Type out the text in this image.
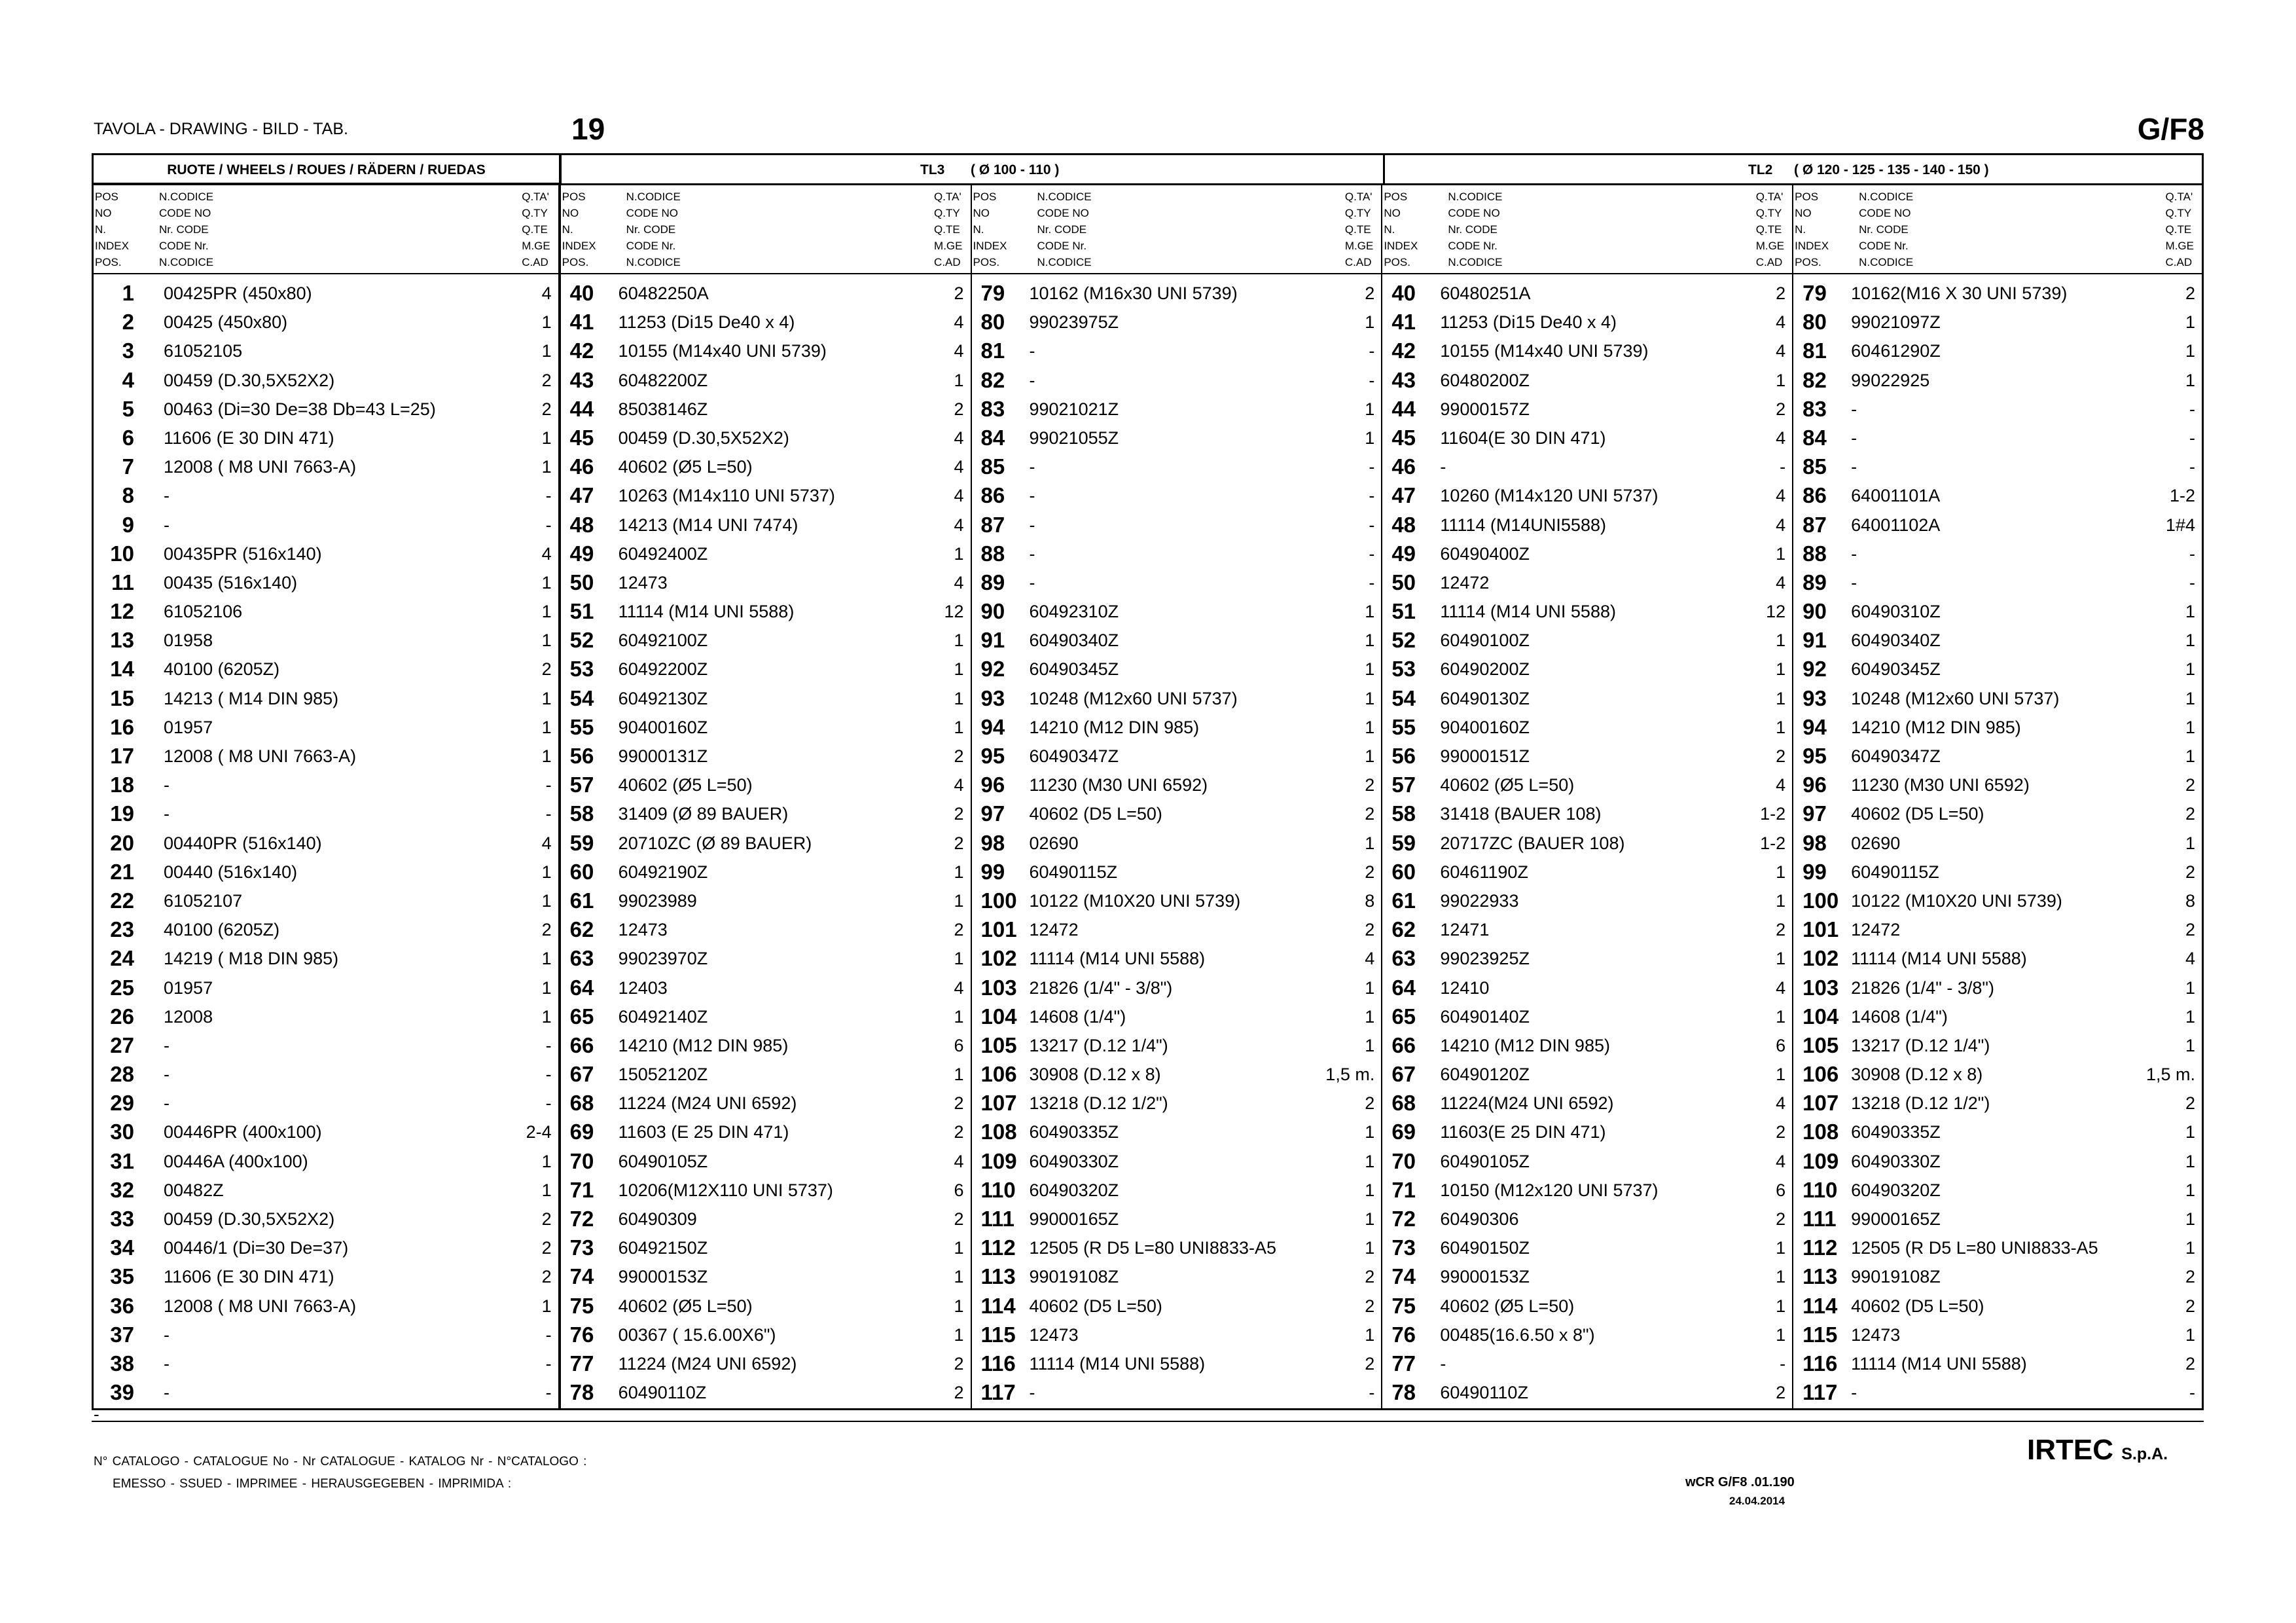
TAVOLA - DRAWING - BILD - TAB.	19	G/F8
RUOTE / WHEELS / ROUES / RÄDERN / RUEDAS	TL3 ( Ø 100 - 110 )	TL2 ( Ø 120 - 125 - 135 - 140 - 150 )
POS
NO
N.
INDEX
POS.
N.CODICE
CODE NO
Nr. CODE
CODE Nr.
N.CODICE
Q.TA'
Q.TY
Q.TE
M.GE
C.AD
1 00425PR (450x80)	4
2 00425 (450x80)	1
3 61052105	1
4 00459 (D.30,5X52X2)	2
5 00463 (Di=30 De=38 Db=43 L=25)	2
6 11606 (E 30 DIN 471)	1
7 12008 ( M8 UNI 7663-A)	1
8 -	-
9 -	-
10 00435PR (516x140)	4
11 00435 (516x140)	1
12 61052106	1
13 01958	1
14 40100 (6205Z)	2
15 14213 ( M14 DIN 985)	1
16 01957	1
17 12008 ( M8 UNI 7663-A)	1
18 -	-
19 -	-
20 00440PR (516x140)	4
21 00440 (516x140)	1
22 61052107	1
23 40100 (6205Z)	2
24 14219 ( M18 DIN 985)	1
25 01957	1
26 12008	1
27 -	-
28 -	-
29 -	-
30 00446PR (400x100)	2-4
31 00446A (400x100)	1
32 00482Z	1
33 00459 (D.30,5X52X2)	2
34 00446/1 (Di=30 De=37)	2
35 11606 (E 30 DIN 471)	2
36 12008 ( M8 UNI 7663-A)	1
37 -	-
38 -	-
39 -	-
POS
NO
N.
INDEX
POS.
N.CODICE
CODE NO
Nr. CODE
CODE Nr.
N.CODICE
Q.TA'
Q.TY
Q.TE
M.GE
C.AD
40 60482250A	2
41 11253 (Di15 De40 x 4)	4
42 10155 (M14x40 UNI 5739)	4
43 60482200Z	1
44 85038146Z	2
45 00459 (D.30,5X52X2)	4
46 40602 (Ø5 L=50)	4
47 10263 (M14x110 UNI 5737)	4
48 14213 (M14 UNI 7474)	4
49 60492400Z	1
50 12473	4
51 11114 (M14 UNI 5588)	12
52 60492100Z	1
53 60492200Z	1
54 60492130Z	1
55 90400160Z	1
56 99000131Z	2
57 40602 (Ø5 L=50)	4
58 31409 (Ø 89 BAUER)	2
59 20710ZC (Ø 89 BAUER)	2
60 60492190Z	1
61 99023989	1
62 12473	2
63 99023970Z	1
64 12403	4
65 60492140Z	1
66 14210 (M12 DIN 985)	6
67 15052120Z	1
68 11224 (M24 UNI 6592)	2
69 11603 (E 25 DIN 471)	2
70 60490105Z	4
71 10206(M12X110 UNI 5737)	6
72 60490309	2
73 60492150Z	1
74 99000153Z	1
75 40602 (Ø5 L=50)	1
76 00367 ( 15.6.00X6")	1
77 11224 (M24 UNI 6592)	2
78 60490110Z	2
POS
NO
N.
INDEX
POS.
N.CODICE
CODE NO
Nr. CODE
CODE Nr.
N.CODICE
Q.TA'
Q.TY
Q.TE
M.GE
C.AD
79 10162 (M16x30 UNI 5739)	2
80 99023975Z	1
81 -	-
82 -	-
83 99021021Z	1
84 99021055Z	1
85 -	-
86 -	-
87 -	-
88 -	-
89 -	-
90 60492310Z	1
91 60490340Z	1
92 60490345Z	1
93 10248 (M12x60 UNI 5737)	1
94 14210 (M12 DIN 985)	1
95 60490347Z	1
96 11230 (M30 UNI 6592)	2
97 40602 (D5 L=50)	2
98 02690	1
99 60490115Z	2
100 10122 (M10X20 UNI 5739)	8
101 12472	2
102 11114 (M14 UNI 5588)	4
103 21826 (1/4" - 3/8")	1
104 14608 (1/4")	1
105 13217 (D.12 1/4")	1
106 30908 (D.12 x 8)	1,5 m.
107 13218 (D.12 1/2")	2
108 60490335Z	1
109 60490330Z	1
110 60490320Z	1
111 99000165Z	1
112 12505 (R D5 L=80 UNI8833-A5	1
113 99019108Z	2
114 40602 (D5 L=50)	2
115 12473	1
116 11114 (M14 UNI 5588)	2
117 -	-
POS
NO
N.
INDEX
POS.
N.CODICE
CODE NO
Nr. CODE
CODE Nr.
N.CODICE
Q.TA'
Q.TY
Q.TE
M.GE
C.AD
40 60480251A	2
41 11253 (Di15 De40 x 4)	4
42 10155 (M14x40 UNI 5739)	4
43 60480200Z	1
44 99000157Z	2
45 11604(E 30 DIN 471)	4
46 -	-
47 10260 (M14x120 UNI 5737)	4
48 11114 (M14UNI5588)	4
49 60490400Z	1
50 12472	4
51 11114 (M14 UNI 5588)	12
52 60490100Z	1
53 60490200Z	1
54 60490130Z	1
55 90400160Z	1
56 99000151Z	2
57 40602 (Ø5 L=50)	4
58 31418 (BAUER 108)	1-2
59 20717ZC (BAUER 108)	1-2
60 60461190Z	1
61 99022933	1
62 12471	2
63 99023925Z	1
64 12410	4
65 60490140Z	1
66 14210 (M12 DIN 985)	6
67 60490120Z	1
68 11224(M24 UNI 6592)	4
69 11603(E 25 DIN 471)	2
70 60490105Z	4
71 10150 (M12x120 UNI 5737)	6
72 60490306	2
73 60490150Z	1
74 99000153Z	1
75 40602 (Ø5 L=50)	1
76 00485(16.6.50 x 8")	1
77 -	-
78 60490110Z	2
POS
NO
N.
INDEX
POS.
N.CODICE
CODE NO
Nr. CODE
CODE Nr.
N.CODICE
Q.TA'
Q.TY
Q.TE
M.GE
C.AD
79 10162(M16 X 30 UNI 5739)	2
80 99021097Z	1
81 60461290Z	1
82 99022925	1
83 -	-
84 -	-
85 -	-
86 64001101A	1-2
87 64001102A	1#4
88 -	-
89 -	-
90 60490310Z	1
91 60490340Z	1
92 60490345Z	1
93 10248 (M12x60 UNI 5737)	1
94 14210 (M12 DIN 985)	1
95 60490347Z	1
96 11230 (M30 UNI 6592)	2
97 40602 (D5 L=50)	2
98 02690	1
99 60490115Z	2
100 10122 (M10X20 UNI 5739)	8
101 12472	2
102 11114 (M14 UNI 5588)	4
103 21826 (1/4" - 3/8")	1
104 14608 (1/4")	1
105 13217 (D.12 1/4")	1
106 30908 (D.12 x 8)	1,5 m.
107 13218 (D.12 1/2")	2
108 60490335Z	1
109 60490330Z	1
110 60490320Z	1
111 99000165Z	1
112 12505 (R D5 L=80 UNI8833-A5	1
113 99019108Z	2
114 40602 (D5 L=50)	2
115 12473	1
116 11114 (M14 UNI 5588)	2
117 -	-
-
N° CATALOGO - CATALOGUE No - Nr CATALOGUE - KATALOG Nr - N°CATALOGO :
EMESSO - SSUED - IMPRIMEE - HERAUSGEGEBEN - IMPRIMIDA :
IRTEC S.p.A.
wCR G/F8 .01.190
24.04.2014
